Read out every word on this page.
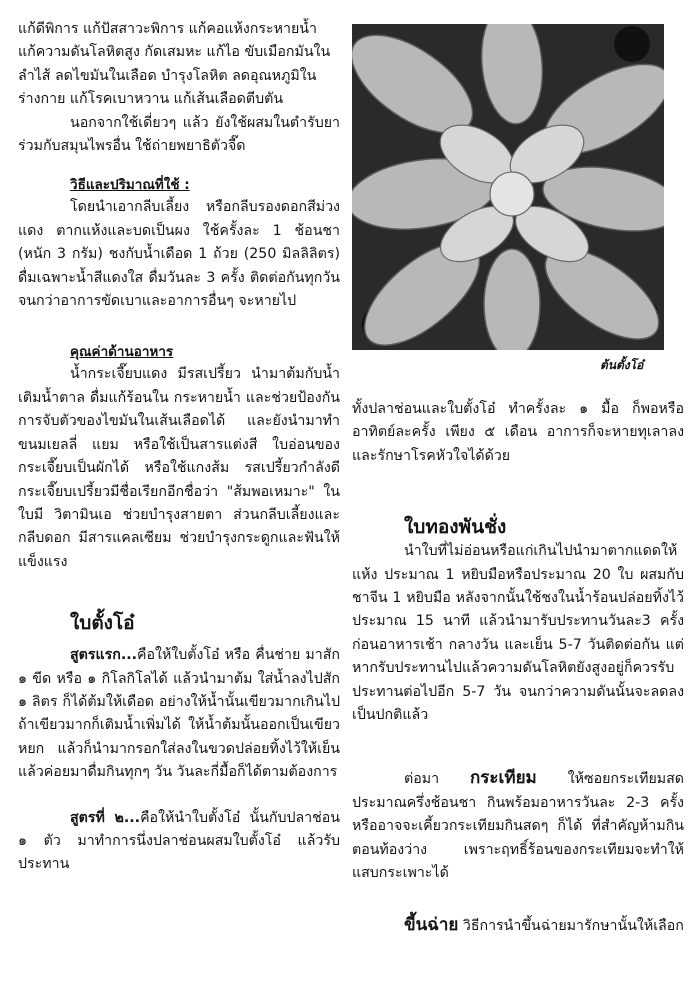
แก้ดีพิการ แก้ปัสสาวะพิการ แก้คอแห้งกระหายน้ำ

แก้ความดันโลหิตสูง กัดเสมหะ แก้ไอ ขับเมือกมันใน

ลำไส้ ลดไขมันในเลือด บำรุงโลหิต ลดอุณหภูมิใน

ร่างกาย แก้โรคเบาหวาน แก้เส้นเลือดตีบตัน

นอกจากใช้เดี่ยวๆ แล้ว ยังใช้ผสมในตำรับยาร่วมกับสมุนไพรอื่น ใช้ถ่ายพยาธิตัวจี๊ด

วิธีและปริมาณที่ใช้ :

โดยนำเอากลีบเลี้ยง หรือกลีบรองดอกสีม่วงแดง ตากแห้งและบดเป็นผง ใช้ครั้งละ 1 ช้อนชา (หนัก 3 กรัม) ชงกับน้ำเดือด 1 ถ้วย (250 มิลลิลิตร) ดื่มเฉพาะน้ำสีแดงใส ดื่มวันละ 3 ครั้ง ติดต่อกันทุกวันจนกว่าอาการขัดเบาและอาการอื่นๆ จะหายไป

คุณค่าด้านอาหาร

น้ำกระเจี๊ยบแดง มีรสเปรี้ยว นำมาต้มกับน้ำเติมน้ำตาล ดื่มแก้ร้อนใน กระหายน้ำ และช่วยป้องกันการจับตัวของไขมันในเส้นเลือดได้ และยังนำมาทำขนมเยลลี่ แยม หรือใช้เป็นสารแต่งสี ใบอ่อนของกระเจี๊ยบเป็นผักได้ หรือใช้แกงส้ม รสเปรี้ยวกำลังดี กระเจี๊ยบเปรี้ยวมีชื่อเรียกอีกชื่อว่า "ส้มพอเหมาะ" ในใบมี วิตามินเอ ช่วยบำรุงสายตา ส่วนกลีบเลี้ยงและกลีบดอก มีสารแคลเซียม ช่วยบำรุงกระดูกและฟันให้แข็งแรง

ใบตั้งโอ๋

สูตรแรก...คือให้ใบตั้งโอ๋ หรือ คื่นช่าย มาสัก ๑ ขีด หรือ ๑ กิโลกิโลได้ แล้วนำมาต้ม ใส่น้ำลงไปสัก ๑ ลิตร ก็ได้ต้มให้เดือด อย่างให้น้ำนั้นเขียวมากเกินไป ถ้าเขียวมากก็เติมน้ำเพิ่มได้ ให้น้ำต้มนั้นออกเป็นเขียวหยก แล้วก็นำมากรอกใส่ลงในขวดปล่อยทิ้งไว้ให้เย็น แล้วค่อยมาดื่มกินทุกๆ วัน วันละกี่มื้อก็ได้ตามต้องการ

สูตรที่ ๒...คือให้นำใบตั้งโอ๋ นั้นกับปลาช่อน ๑ ตัว มาทำการนึ่งปลาช่อนผสมใบตั้งโอ๋ แล้วรับประทาน

ต้นตั้งโอ๋

ทั้งปลาช่อนและใบตั้งโอ๋ ทำครั้งละ ๑ มื้อ ก็พอหรืออาทิตย์ละครั้ง เพียง ๕ เดือน อาการก็จะหายทุเลาลงและรักษาโรคหัวใจได้ด้วย

ใบทองพันชั่ง

นำใบที่ไม่อ่อนหรือแก่เกินไปนำมาตากแดดให้แห้ง ประมาณ 1 หยิบมือหรือประมาณ 20 ใบ ผสมกับชาจีน 1 หยิบมือ หลังจากนั้นใช้ชงในน้ำร้อนปล่อยทิ้งไว้ประมาณ 15 นาที แล้วนำมารับประทานวันละ3 ครั้ง ก่อนอาหารเช้า กลางวัน และเย็น 5-7 วันติดต่อกัน แต่หากรับประทานไปแล้วความดันโลหิตยังสูงอยู่ก็ควรรับประทานต่อไปอีก 5-7 วัน จนกว่าความดันนั้นจะลดลงเป็นปกติแล้ว

ต่อมา กระเทียม ให้ซอยกระเทียมสด ประมาณครึ่งช้อนชา กินพร้อมอาหารวันละ 2-3 ครั้ง หรืออาจจะเคี้ยวกระเทียมกินสดๆ ก็ได้ ที่สำคัญห้ามกินตอนท้องว่าง เพราะฤทธิ์ร้อนของกระเทียมจะทำให้แสบกระเพาะได้

ขี้นฉ่าย วิธีการนำขึ้นฉ่ายมารักษานั้นให้เลือก
